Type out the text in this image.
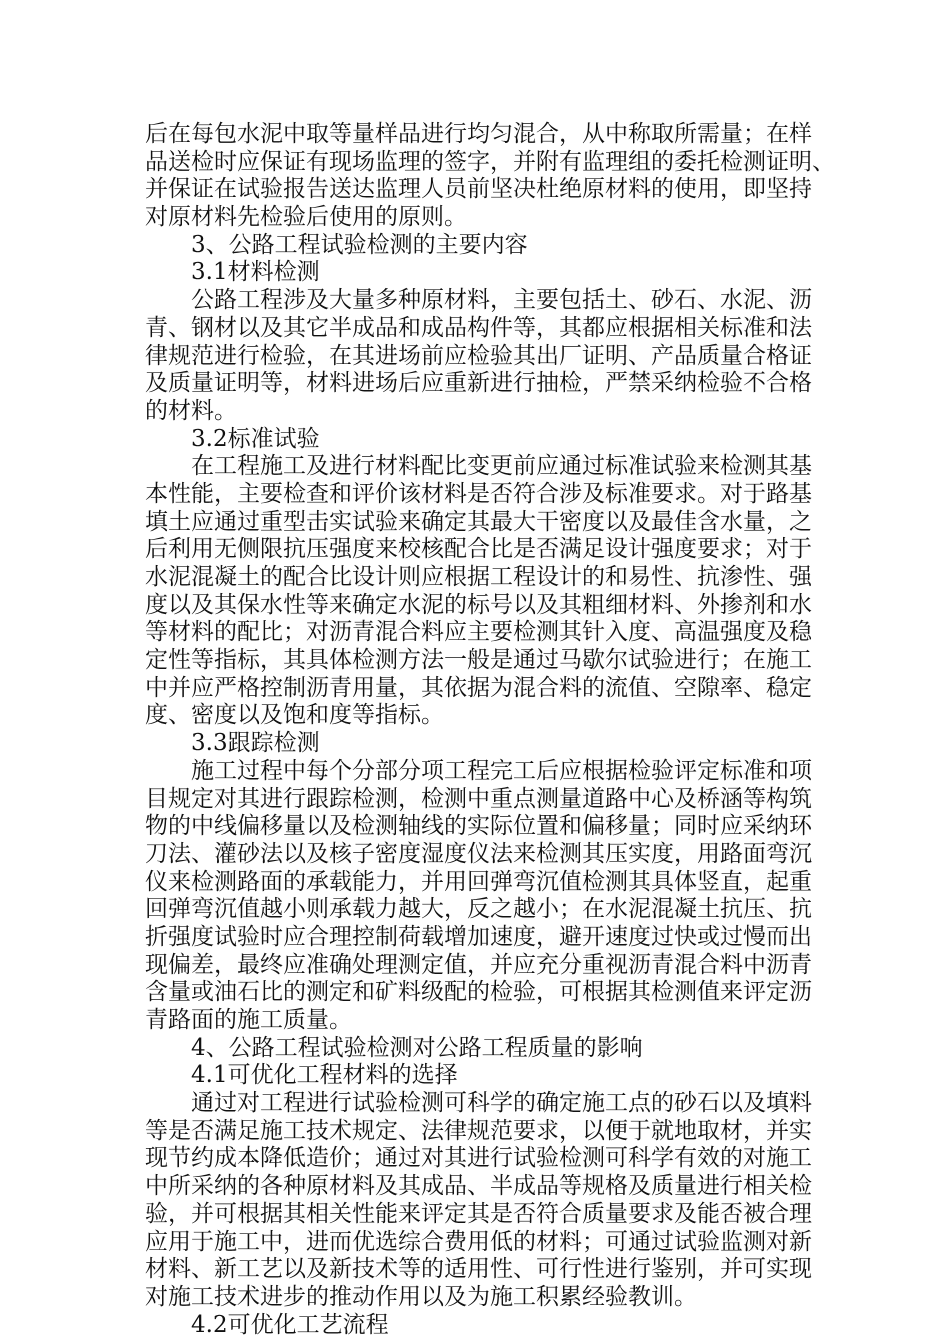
后在每包水泥中取等量样品进行均匀混合，从中称取所需量；在样
品送检时应保证有现场监理的签字，并附有监理组的委托检测证明、
并保证在试验报告送达监理人员前坚决杜绝原材料的使用，即坚持
对原材料先检验后使用的原则。
3、公路工程试验检测的主要内容
3.1材料检测
公路工程涉及大量多种原材料，主要包括土、砂石、水泥、沥
青、钢材以及其它半成品和成品构件等，其都应根据相关标准和法
律规范进行检验，在其进场前应检验其出厂证明、产品质量合格证
及质量证明等，材料进场后应重新进行抽检，严禁采纳检验不合格
的材料。
3.2标准试验
在工程施工及进行材料配比变更前应通过标准试验来检测其基
本性能，主要检查和评价该材料是否符合涉及标准要求。对于路基
填土应通过重型击实试验来确定其最大干密度以及最佳含水量，之
后利用无侧限抗压强度来校核配合比是否满足设计强度要求；对于
水泥混凝土的配合比设计则应根据工程设计的和易性、抗渗性、强
度以及其保水性等来确定水泥的标号以及其粗细材料、外掺剂和水
等材料的配比；对沥青混合料应主要检测其针入度、高温强度及稳
定性等指标，其具体检测方法一般是通过马歇尔试验进行；在施工
中并应严格控制沥青用量，其依据为混合料的流值、空隙率、稳定
度、密度以及饱和度等指标。
3.3跟踪检测
施工过程中每个分部分项工程完工后应根据检验评定标准和项
目规定对其进行跟踪检测，检测中重点测量道路中心及桥涵等构筑
物的中线偏移量以及检测轴线的实际位置和偏移量；同时应采纳环
刀法、灌砂法以及核子密度湿度仪法来检测其压实度，用路面弯沉
仪来检测路面的承载能力，并用回弹弯沉值检测其具体竖直，起重
回弹弯沉值越小则承载力越大，反之越小；在水泥混凝土抗压、抗
折强度试验时应合理控制荷载增加速度，避开速度过快或过慢而出
现偏差，最终应准确处理测定值，并应充分重视沥青混合料中沥青
含量或油石比的测定和矿料级配的检验，可根据其检测值来评定沥
青路面的施工质量。
4、公路工程试验检测对公路工程质量的影响
4.1可优化工程材料的选择
通过对工程进行试验检测可科学的确定施工点的砂石以及填料
等是否满足施工技术规定、法律规范要求，以便于就地取材，并实
现节约成本降低造价；通过对其进行试验检测可科学有效的对施工
中所采纳的各种原材料及其成品、半成品等规格及质量进行相关检
验，并可根据其相关性能来评定其是否符合质量要求及能否被合理
应用于施工中，进而优选综合费用低的材料；可通过试验监测对新
材料、新工艺以及新技术等的适用性、可行性进行鉴别，并可实现
对施工技术进步的推动作用以及为施工积累经验教训。
4.2可优化工艺流程
